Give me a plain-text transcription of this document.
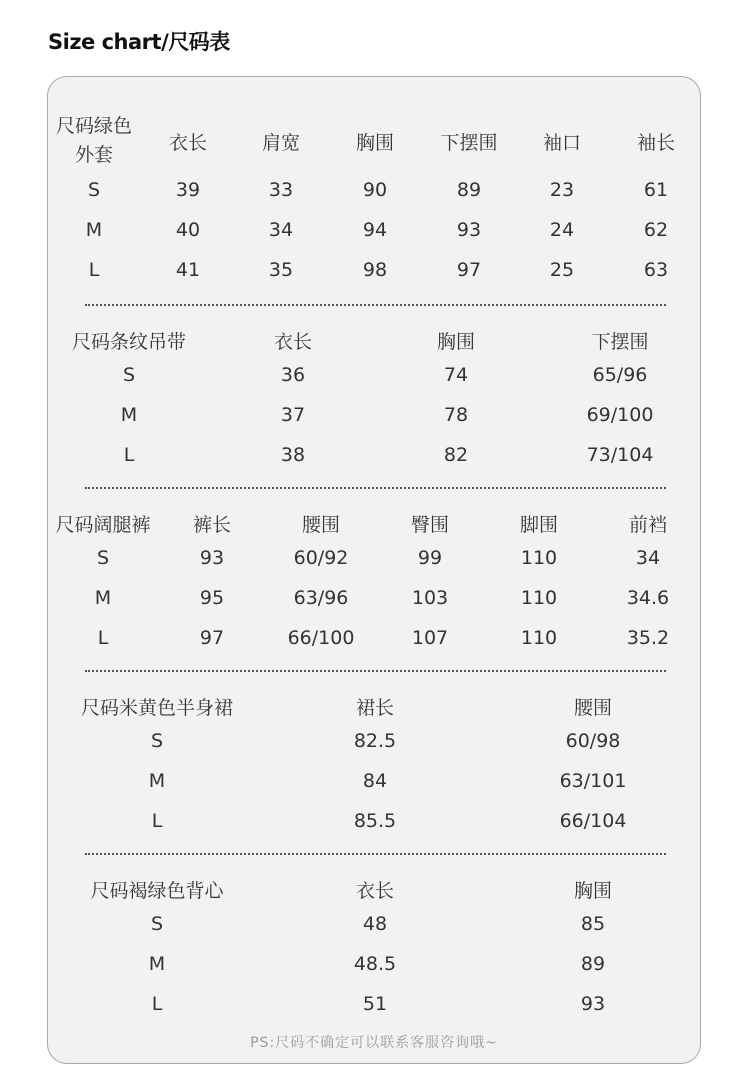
Size chart/尺码表
尺码绿色
外套
衣长	肩宽	胸围 下摆围 袖口	袖长
S	39	33	90	89	23	61
M	40	34	94	93	24	62
L	41	35	98	97	25	63
尺码条纹吊带	衣长	胸围	下摆围
S	36	74	65/96
M	37	78	69/100
L	38	82	73/104
尺码阔腿裤 裤长	腰围	臀围	脚围	前裆
S	93	60/92	99	110	34
M	95	63/96	103	110	34.6
L	97	66/100	107	110	35.2
尺码米黄色半身裙	裙长	腰围
S	82.5	60/98
M	84	63/101
L	85.5	66/104
尺码褐绿色背心	衣长	胸围
S	48	85
M	48.5	89
L	51	93
PS:尺码不确定可以联系客服咨询哦~
